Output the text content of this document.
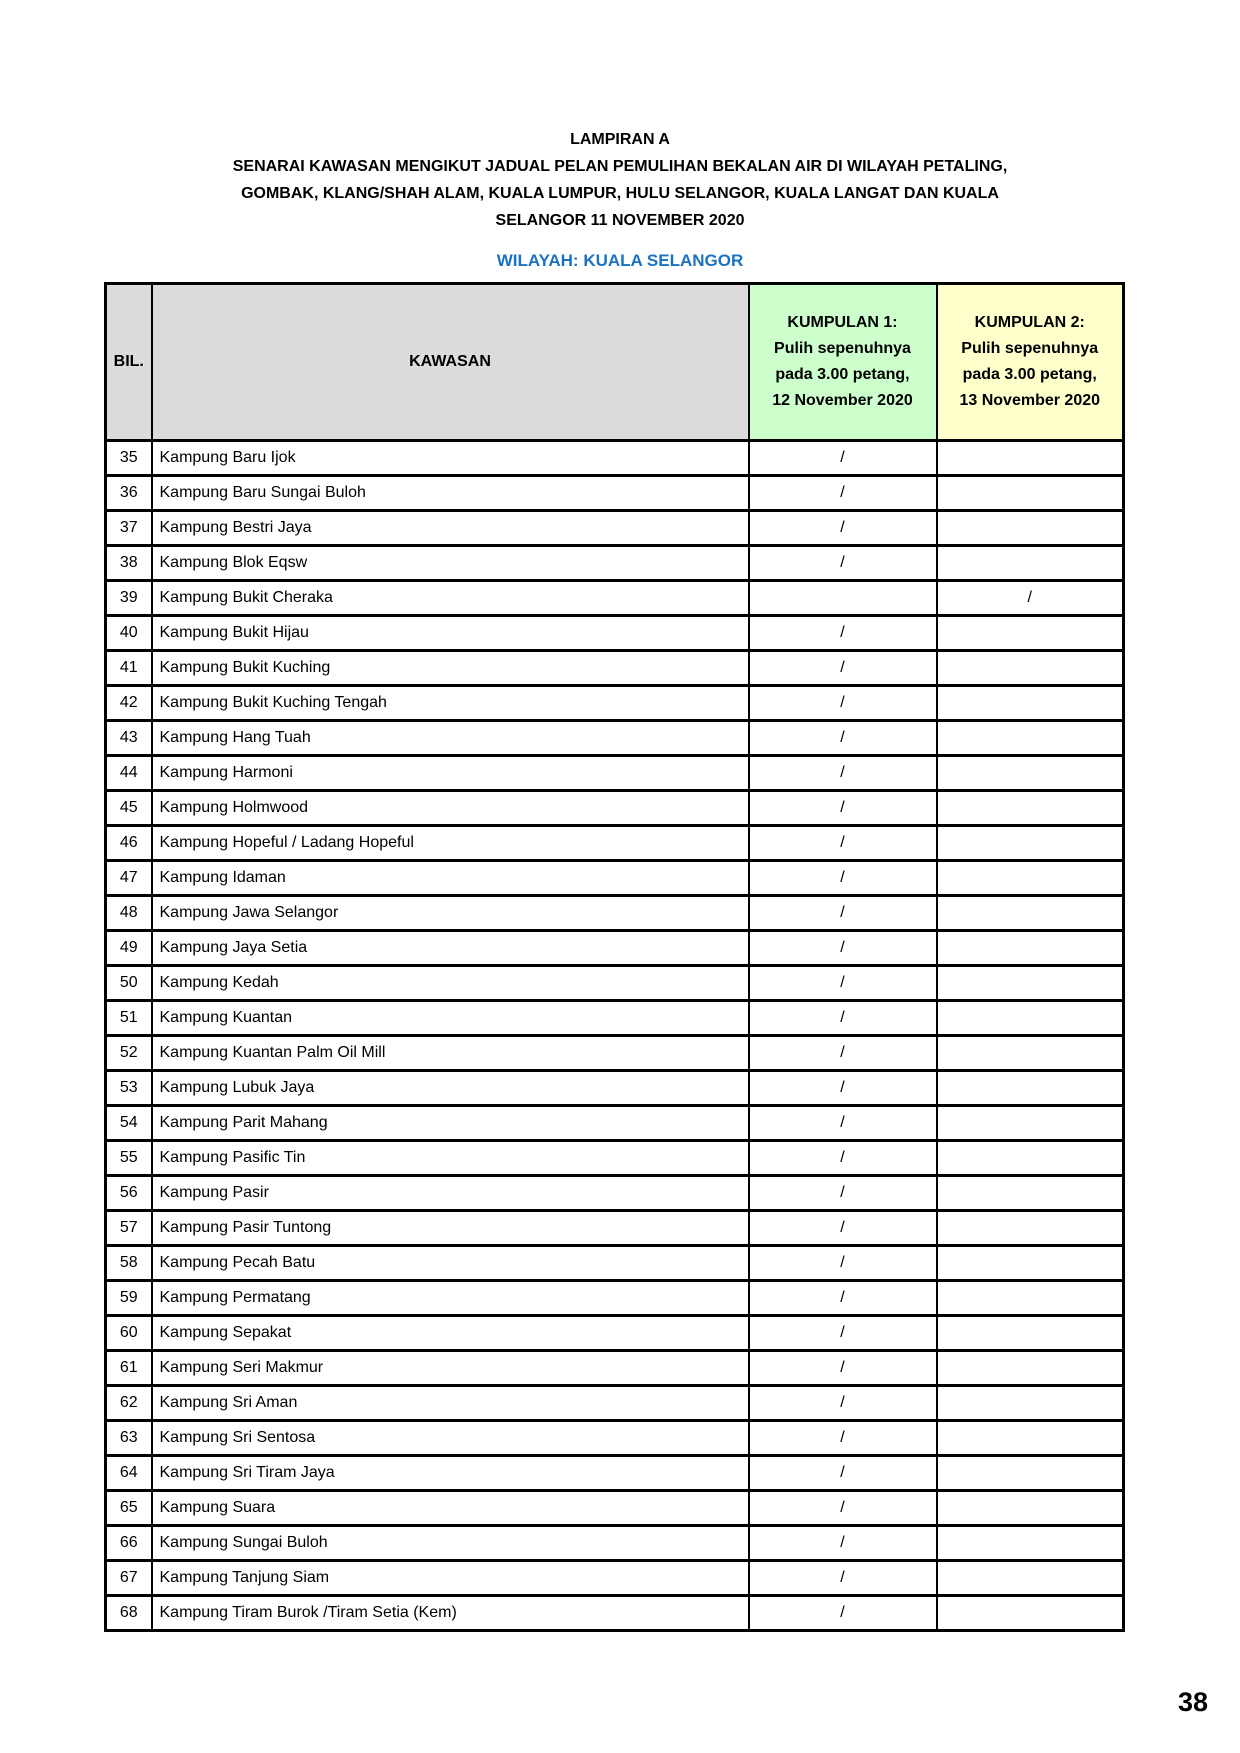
LAMPIRAN A
SENARAI KAWASAN MENGIKUT JADUAL PELAN PEMULIHAN BEKALAN AIR DI WILAYAH PETALING,
GOMBAK, KLANG/SHAH ALAM, KUALA LUMPUR, HULU SELANGOR, KUALA LANGAT DAN KUALA
SELANGOR 11 NOVEMBER 2020
WILAYAH: KUALA SELANGOR
BIL.	KAWASAN	
KUMPULAN 1:
Pulih sepenuhnya
pada 3.00 petang,
12 November 2020

KUMPULAN 2:
Pulih sepenuhnya
pada 3.00 petang,
13 November 2020

35	Kampung Baru Ijok	/	
36	Kampung Baru Sungai Buloh	/	
37	Kampung Bestri Jaya	/	
38	Kampung Blok Eqsw	/	
39	Kampung Bukit Cheraka		/
40	Kampung Bukit Hijau	/	
41	Kampung Bukit Kuching	/	
42	Kampung Bukit Kuching Tengah	/	
43	Kampung Hang Tuah	/	
44	Kampung Harmoni	/	
45	Kampung Holmwood	/	
46	Kampung Hopeful / Ladang Hopeful	/	
47	Kampung Idaman	/	
48	Kampung Jawa Selangor	/	
49	Kampung Jaya Setia	/	
50	Kampung Kedah	/	
51	Kampung Kuantan	/	
52	Kampung Kuantan Palm Oil Mill	/	
53	Kampung Lubuk Jaya	/	
54	Kampung Parit Mahang	/	
55	Kampung Pasific Tin	/	
56	Kampung Pasir	/	
57	Kampung Pasir Tuntong	/	
58	Kampung Pecah Batu	/	
59	Kampung Permatang	/	
60	Kampung Sepakat	/	
61	Kampung Seri Makmur	/	
62	Kampung Sri Aman	/	
63	Kampung Sri Sentosa	/	
64	Kampung Sri Tiram Jaya	/	
65	Kampung Suara	/	
66	Kampung Sungai Buloh	/	
67	Kampung Tanjung Siam	/	
68	Kampung Tiram Burok /Tiram Setia (Kem)	/	
38
